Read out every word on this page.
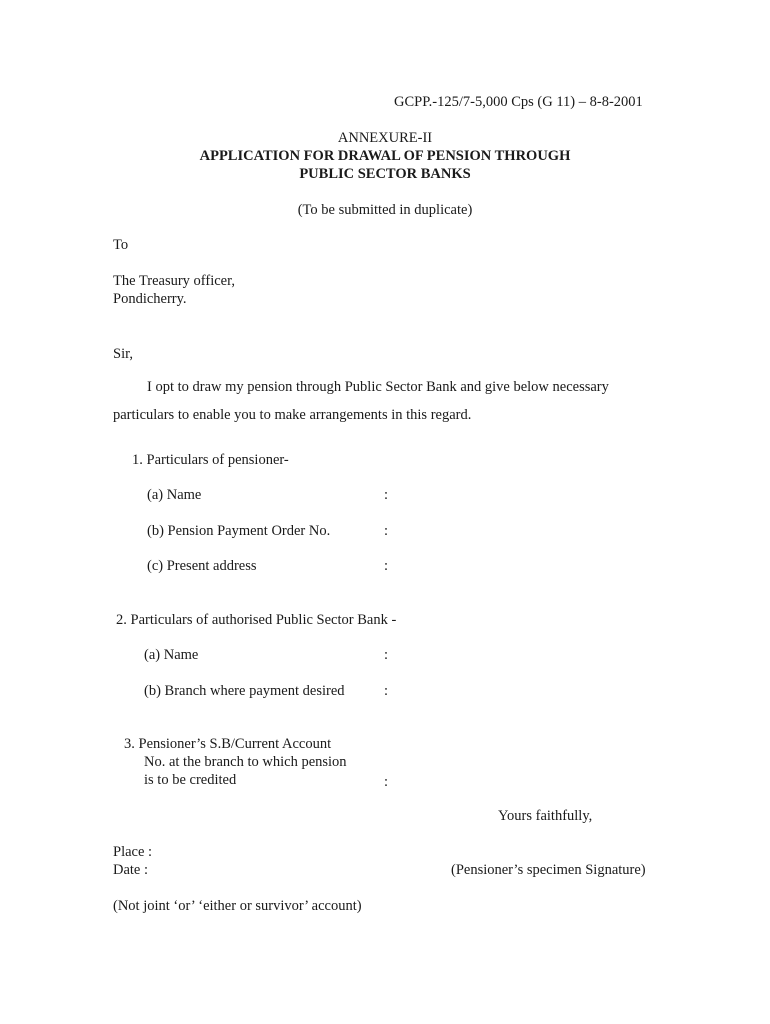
GCPP.-125/7-5,000 Cps (G 11) – 8-8-2001
ANNEXURE-II
APPLICATION FOR DRAWAL OF PENSION THROUGH
PUBLIC SECTOR BANKS
(To be submitted in duplicate)
To
The Treasury officer,
Pondicherry.
Sir,
I opt to draw my pension through Public Sector Bank and give below necessary
particulars to enable you to make arrangements in this regard.
1. Particulars of pensioner-
(a) Name	:
(b) Pension Payment Order No.	:
(c) Present address	:
2. Particulars of authorised Public Sector Bank -
(a) Name	:
(b) Branch where payment desired	:
3. Pensioner’s S.B/Current Account
No. at the branch to which pension
is to be credited	:
Yours faithfully,
Place :
Date :	(Pensioner’s specimen Signature)
(Not joint ‘or’ ‘either or survivor’ account)
